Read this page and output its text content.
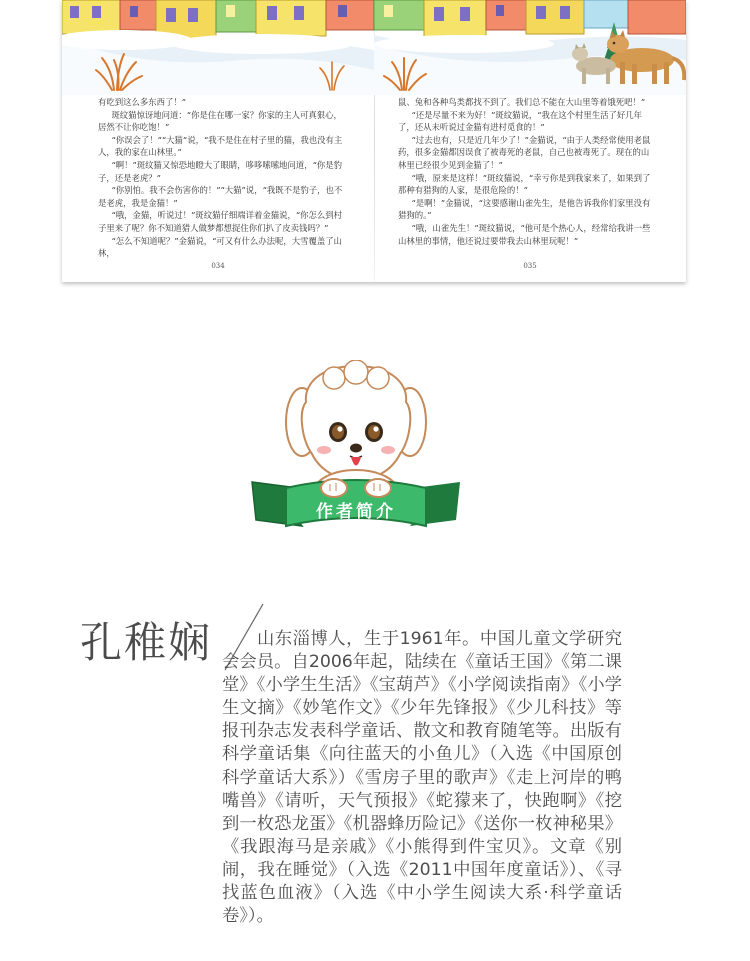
有吃到这么多东西了！”

斑纹猫惊讶地问道：“你是住在哪一家？你家的主人可真狠心，居然不让你吃饱！”

“你误会了！”“大猫”说，“我不是住在村子里的猫，我也没有主人，我的家在山林里。”

“啊！”斑纹猫又惊恐地瞪大了眼睛，哆哆嗦嗦地问道，“你是豹子，还是老虎？”

“你别怕。我不会伤害你的！”“大猫”说，“我既不是豹子，也不是老虎，我是金猫！”

“哦，金猫，听说过！”斑纹猫仔细端详着金猫说，“你怎么到村子里来了呢？你不知道猎人做梦都想捉住你们扒了皮卖钱吗？”

“怎么不知道呢？”金猫说，“可又有什么办法呢，大雪覆盖了山林，

034

鼠、兔和各种鸟类都找不到了。我们总不能在大山里等着饿死吧！”

“还是尽量不来为好！”斑纹猫说，“我在这个村里生活了好几年了，还从未听说过金猫有进村觅食的！”

“过去也有，只是近几年少了！”金猫说，“由于人类经常使用老鼠药，很多金猫都因误食了被毒死的老鼠，自己也被毒死了。现在的山林里已经很少见到金猫了！”

“哦，原来是这样！”斑纹猫说，“幸亏你是到我家来了，如果到了那种有猎狗的人家，是很危险的！”

“是啊！”金猫说，“这要感谢山雀先生，是他告诉我你们家里没有猎狗的。”

“哦，山雀先生！”斑纹猫说，“他可是个热心人，经常给我讲一些山林里的事情，他还说过要带我去山林里玩呢！”

035
作者简介
孔稚娴	山东淄博人，生于1961年。中国儿童文学研究会会员。自2006年起，陆续在《童话王国》《第二课堂》《小学生生活》《宝葫芦》《小学阅读指南》《小学生文摘》《妙笔作文》《少年先锋报》《少儿科技》等报刊杂志发表科学童话、散文和教育随笔等。出版有科学童话集《向往蓝天的小鱼儿》（入选《中国原创科学童话大系》）《雪房子里的歌声》《走上河岸的鸭嘴兽》《请听，天气预报》《蛇獴来了，快跑啊》《挖到一枚恐龙蛋》《机器蜂历险记》《送你一枚神秘果》《我跟海马是亲戚》《小熊得到件宝贝》。文章《别闹，我在睡觉》（入选《2011中国年度童话》）、《寻找蓝色血液》（入选《中小学生阅读大系·科学童话卷》）。
